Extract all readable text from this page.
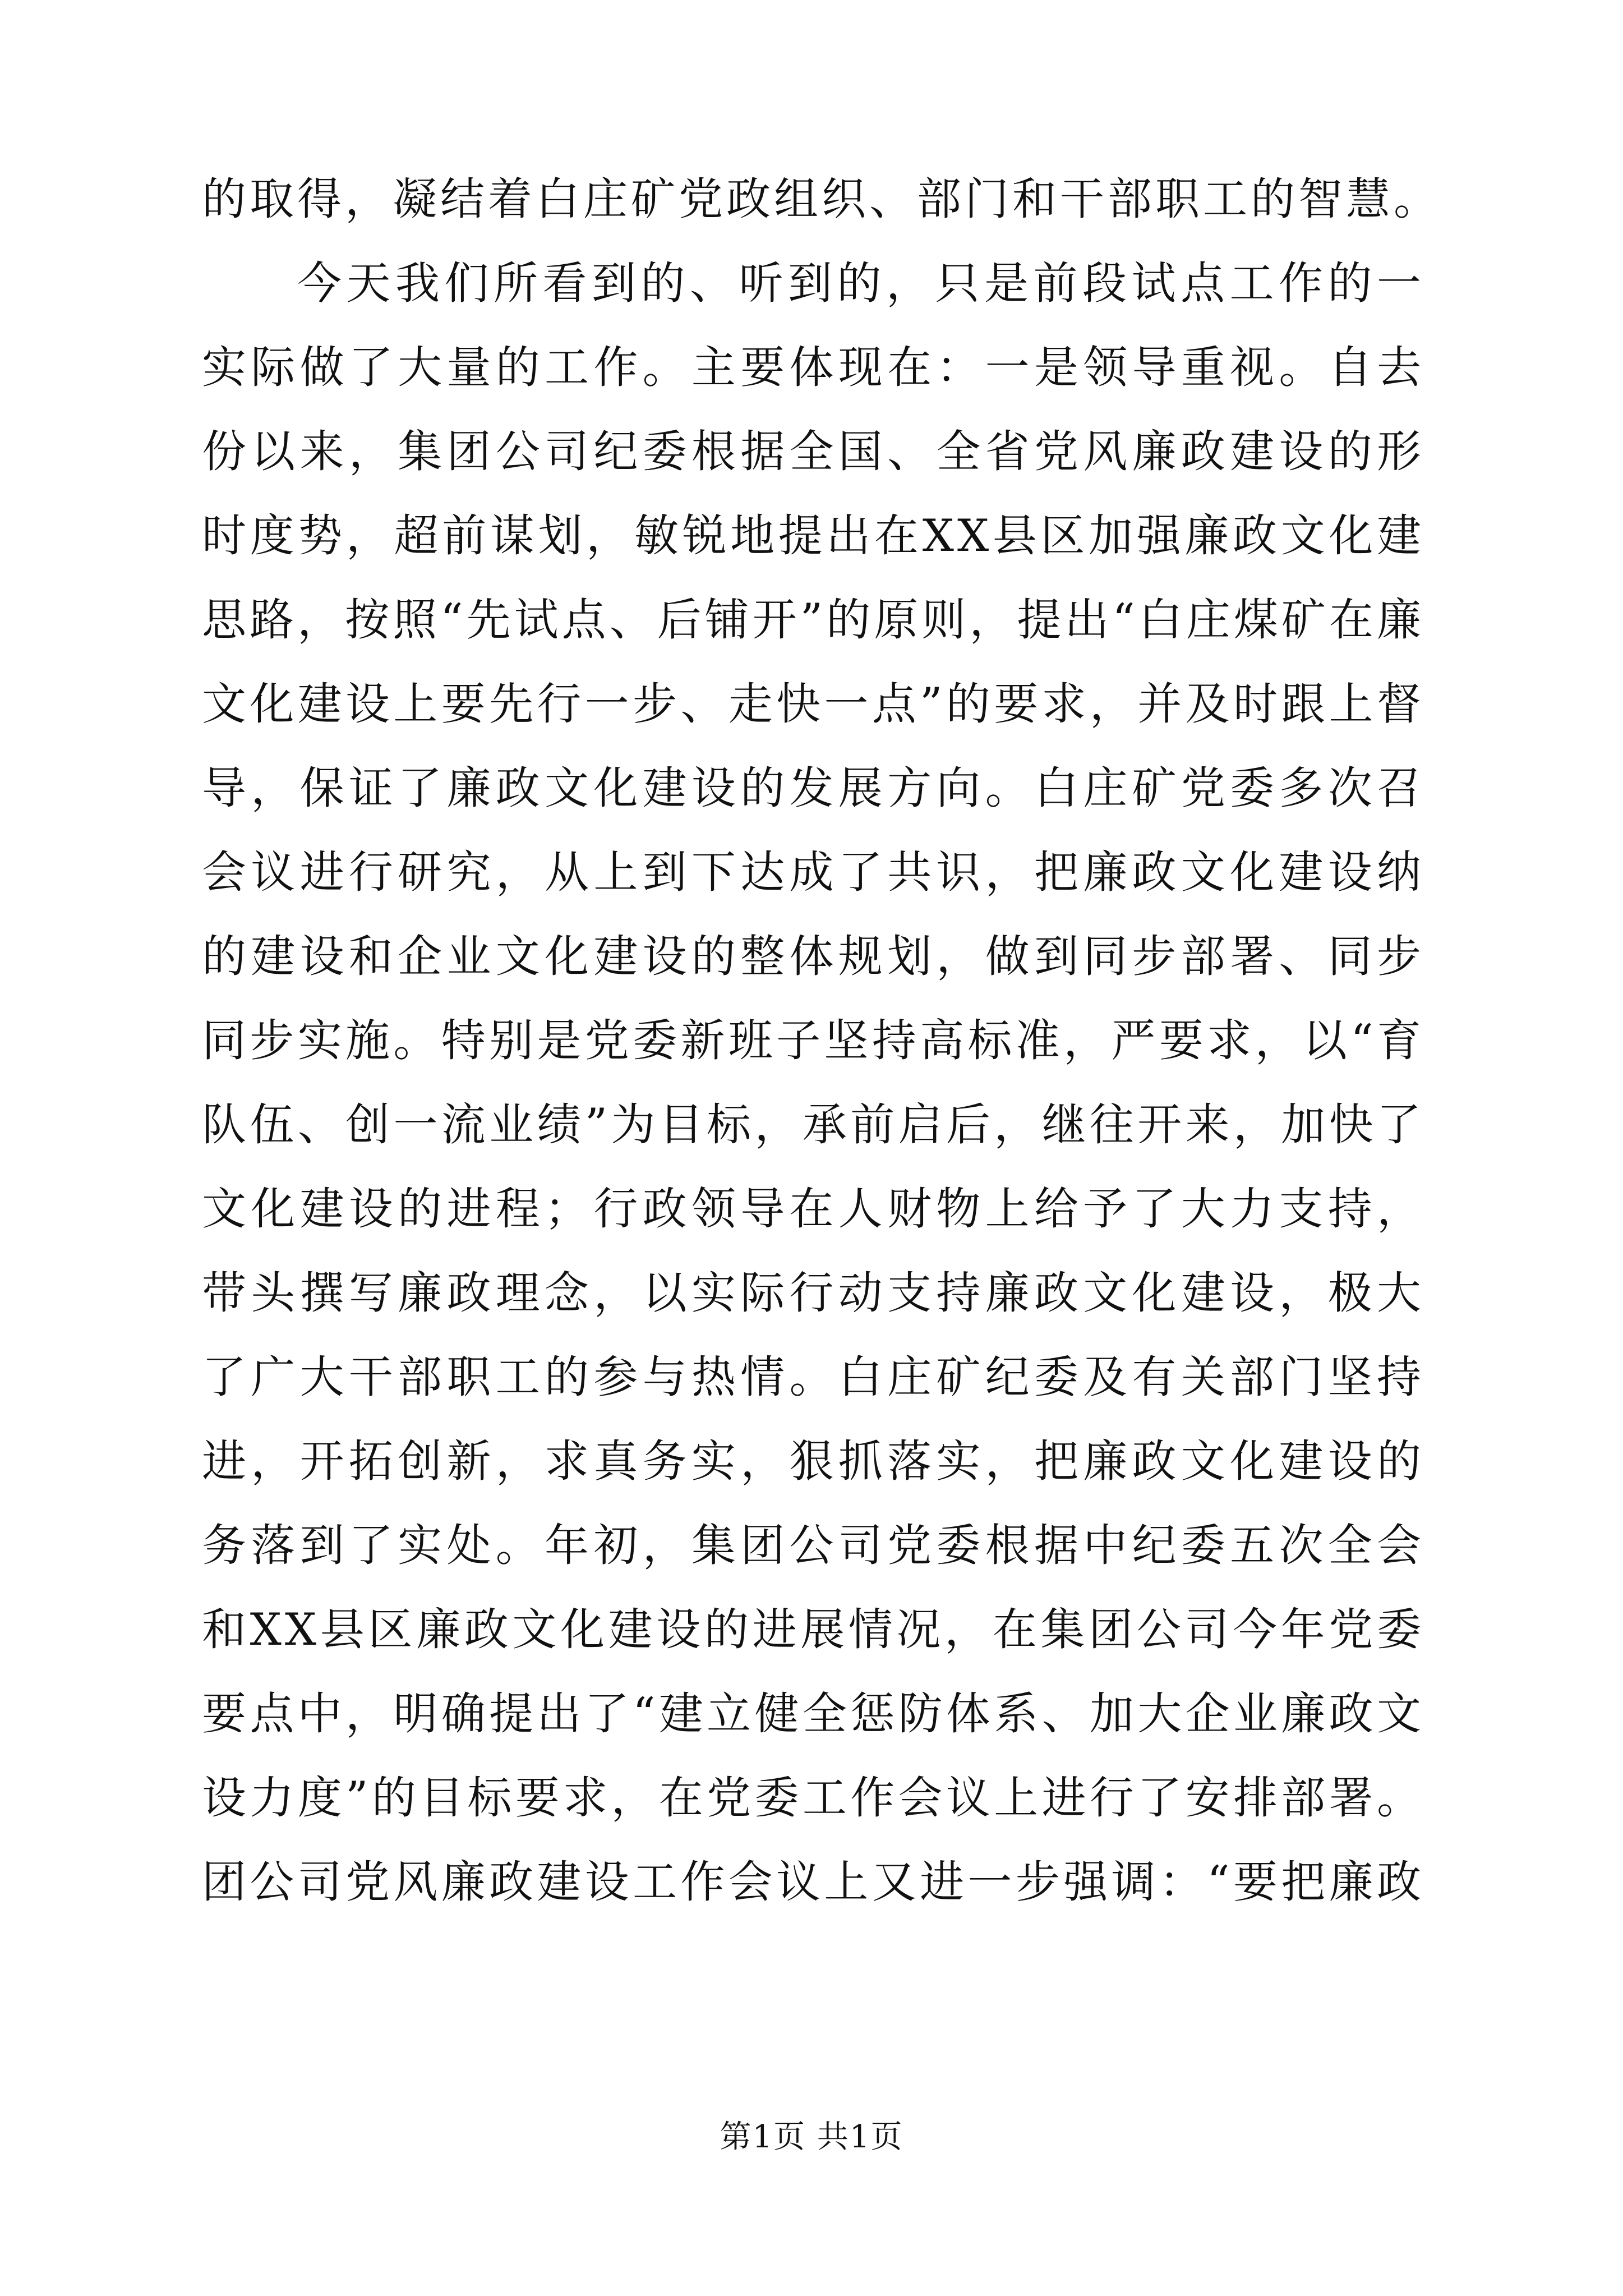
的取得，凝结着白庄矿党政组织、部门和干部职工的智慧。
今天我们所看到的、听到的，只是前段试点工作的一
实际做了大量的工作。主要体现在：一是领导重视。自去
份以来，集团公司纪委根据全国、全省党风廉政建设的形
时度势，超前谋划，敏锐地提出在XX县区加强廉政文化建
思路，按照“先试点、后铺开”的原则，提出“白庄煤矿在廉
文化建设上要先行一步、走快一点”的要求，并及时跟上督
导，保证了廉政文化建设的发展方向。白庄矿党委多次召
会议进行研究，从上到下达成了共识，把廉政文化建设纳
的建设和企业文化建设的整体规划，做到同步部署、同步
同步实施。特别是党委新班子坚持高标准，严要求，以“育
队伍、创一流业绩”为目标，承前启后，继往开来，加快了
文化建设的进程；行政领导在人财物上给予了大力支持，
带头撰写廉政理念，以实际行动支持廉政文化建设，极大
了广大干部职工的参与热情。白庄矿纪委及有关部门坚持
进，开拓创新，求真务实，狠抓落实，把廉政文化建设的
务落到了实处。年初，集团公司党委根据中纪委五次全会
和XX县区廉政文化建设的进展情况，在集团公司今年党委
要点中，明确提出了“建立健全惩防体系、加大企业廉政文
设力度”的目标要求，在党委工作会议上进行了安排部署。
团公司党风廉政建设工作会议上又进一步强调：“要把廉政
第1页 共1页
